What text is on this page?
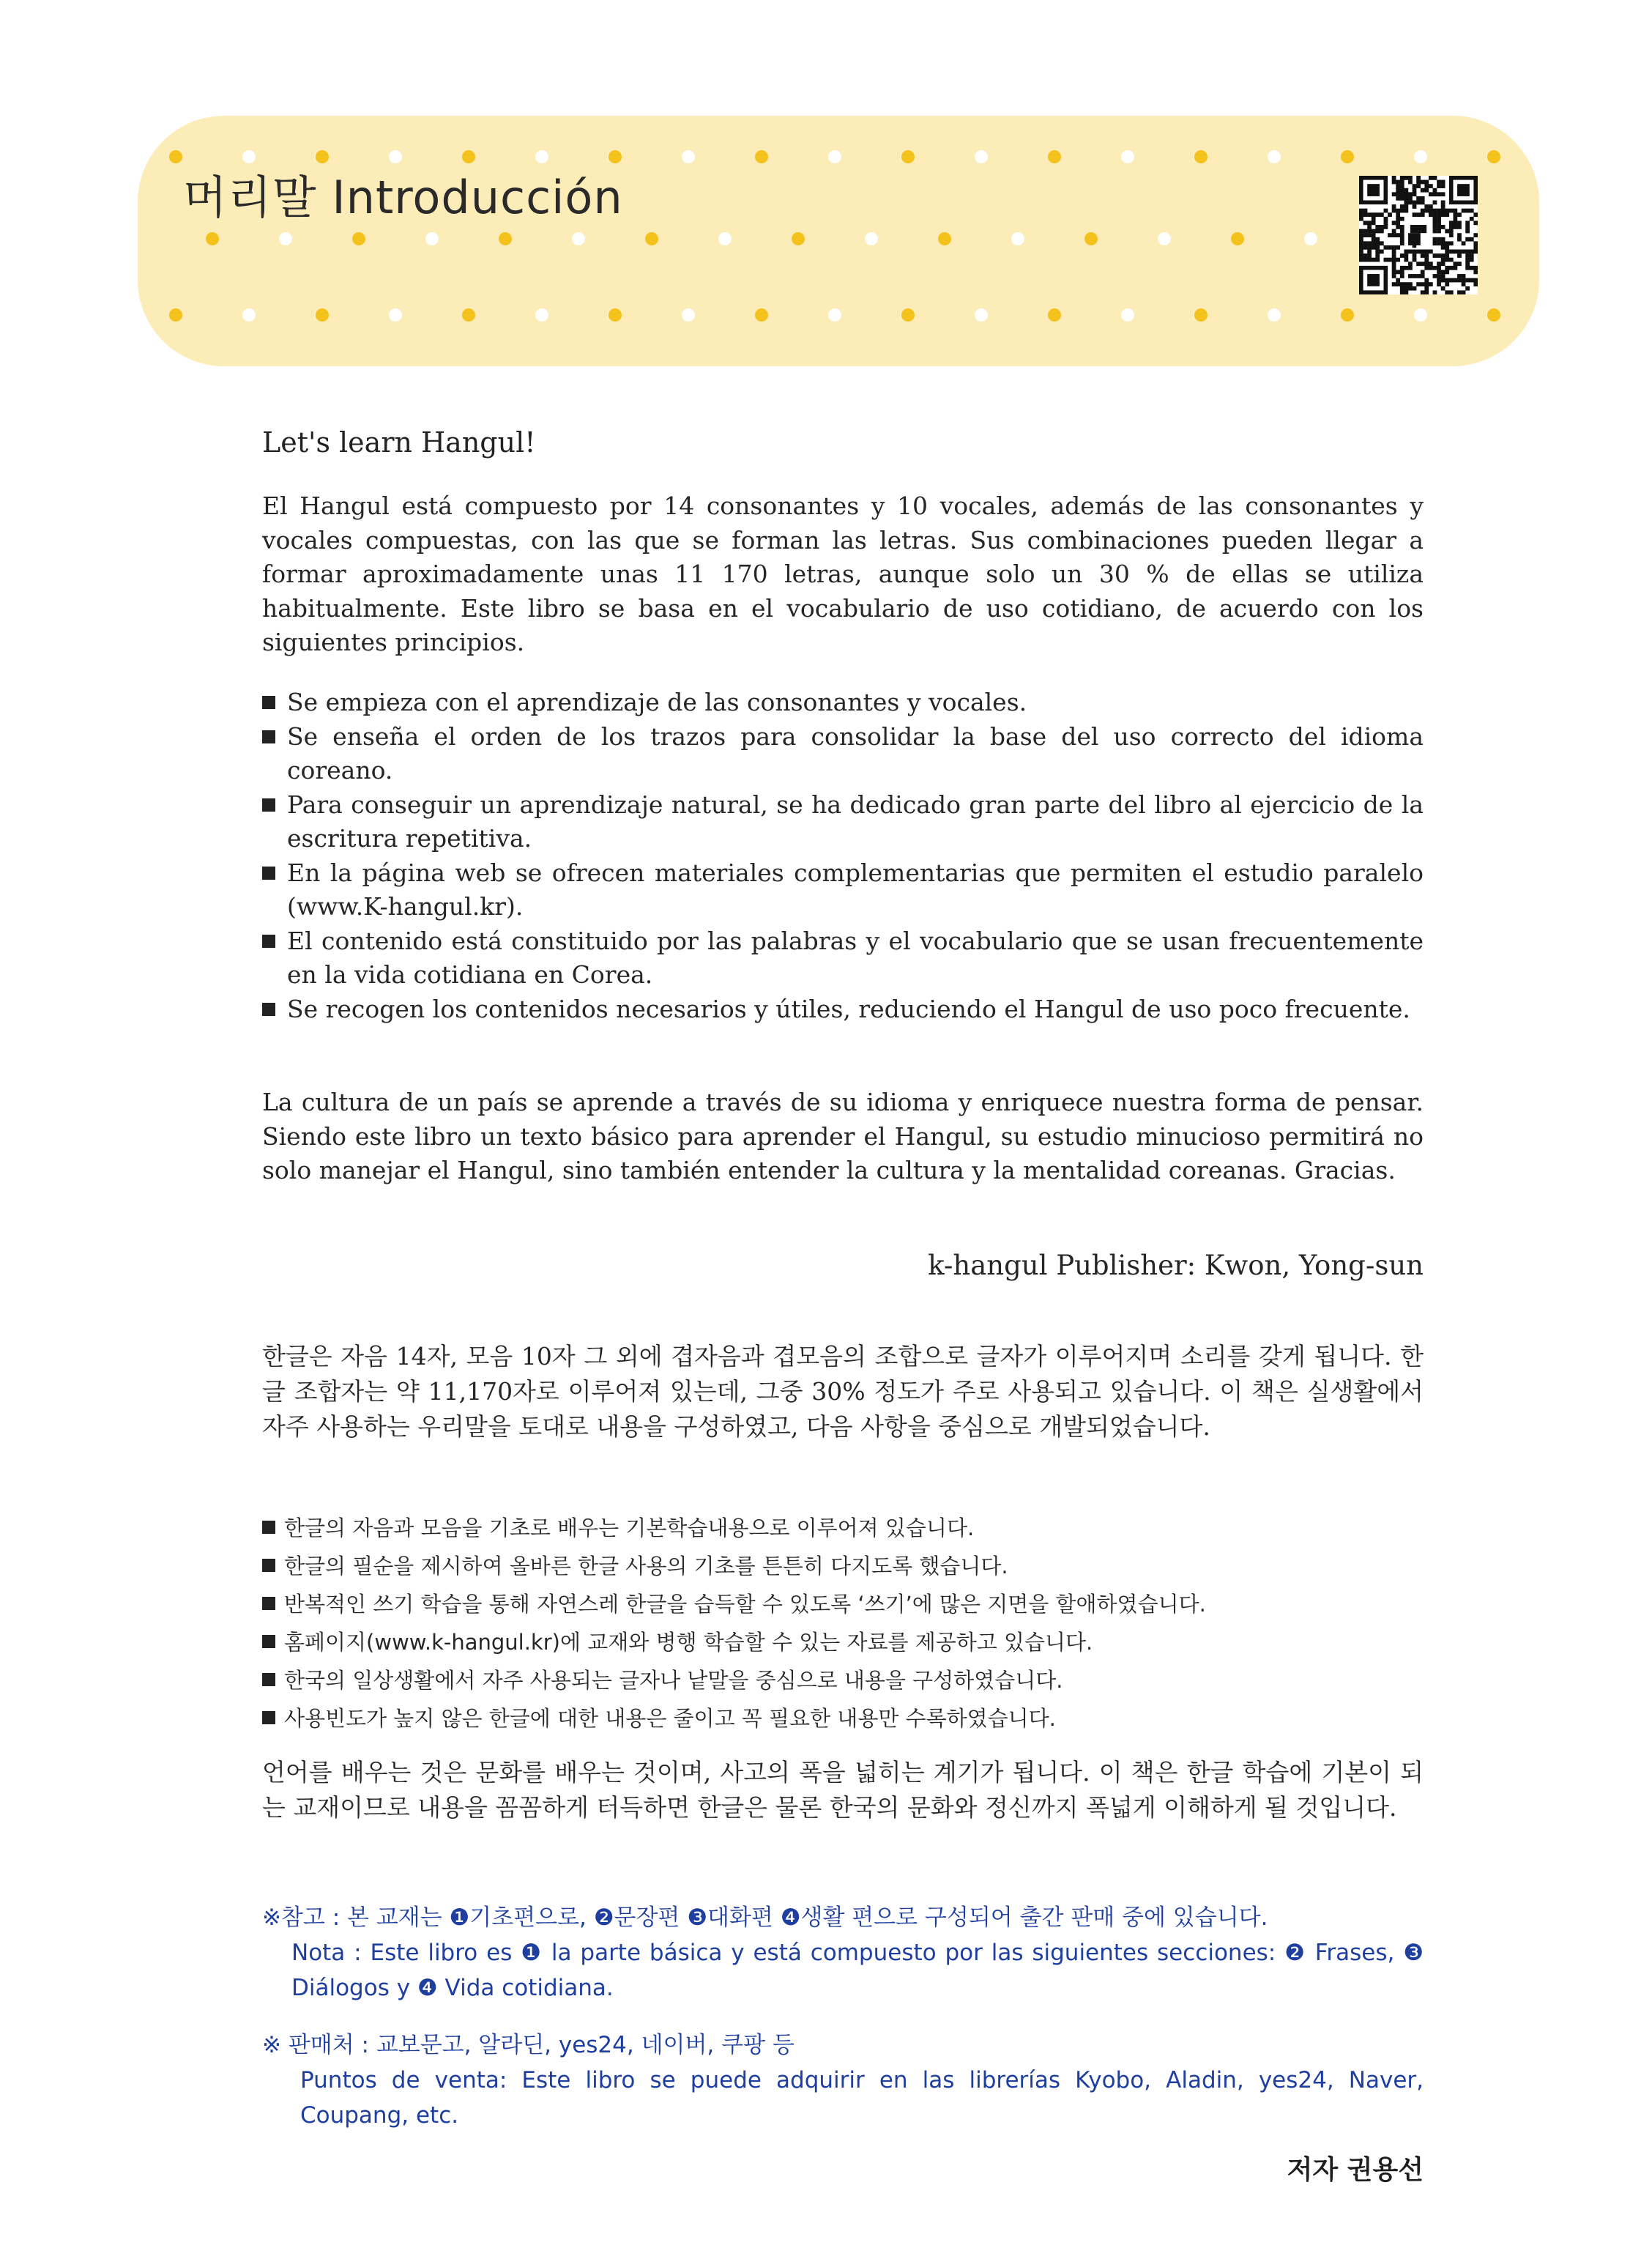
머리말 Introducción
Let's learn Hangul!

El Hangul está compuesto por 14 consonantes y 10 vocales, además de las consonantes y vocales compuestas, con las que se forman las letras. Sus combinaciones pueden llegar a formar aproximadamente unas 11 170 letras, aunque solo un 30 % de ellas se utiliza habitualmente. Este libro se basa en el vocabulario de uso cotidiano, de acuerdo con los siguientes principios.

Se empieza con el aprendizaje de las consonantes y vocales.
Se enseña el orden de los trazos para consolidar la base del uso correcto del idioma coreano.
Para conseguir un aprendizaje natural, se ha dedicado gran parte del libro al ejercicio de la escritura repetitiva.
En la página web se ofrecen materiales complementarias que permiten el estudio paralelo (www.K-hangul.kr).
El contenido está constituido por las palabras y el vocabulario que se usan frecuentemente en la vida cotidiana en Corea.
Se recogen los contenidos necesarios y útiles, reduciendo el Hangul de uso poco frecuente.

La cultura de un país se aprende a través de su idioma y enriquece nuestra forma de pensar. Siendo este libro un texto básico para aprender el Hangul, su estudio minucioso permitirá no solo manejar el Hangul, sino también entender la cultura y la mentalidad coreanas. Gracias.

k-hangul Publisher: Kwon, Yong-sun

한글은 자음 14자, 모음 10자 그 외에 겹자음과 겹모음의 조합으로 글자가 이루어지며 소리를 갖게 됩니다. 한글 조합자는 약 11,170자로 이루어져 있는데, 그중 30% 정도가 주로 사용되고 있습니다. 이 책은 실생활에서 자주 사용하는 우리말을 토대로 내용을 구성하였고, 다음 사항을 중심으로 개발되었습니다.

한글의 자음과 모음을 기초로 배우는 기본학습내용으로 이루어져 있습니다.
한글의 필순을 제시하여 올바른 한글 사용의 기초를 튼튼히 다지도록 했습니다.
반복적인 쓰기 학습을 통해 자연스레 한글을 습득할 수 있도록 ‘쓰기’에 많은 지면을 할애하였습니다.
홈페이지(www.k-hangul.kr)에 교재와 병행 학습할 수 있는 자료를 제공하고 있습니다.
한국의 일상생활에서 자주 사용되는 글자나 낱말을 중심으로 내용을 구성하였습니다.
사용빈도가 높지 않은 한글에 대한 내용은 줄이고 꼭 필요한 내용만 수록하였습니다.

언어를 배우는 것은 문화를 배우는 것이며, 사고의 폭을 넓히는 계기가 됩니다. 이 책은 한글 학습에 기본이 되는 교재이므로 내용을 꼼꼼하게 터득하면 한글은 물론 한국의 문화와 정신까지 폭넓게 이해하게 될 것입니다.

※참고 : 본 교재는 ❶기초편으로, ❷문장편 ❸대화편 ❹생활 편으로 구성되어 출간 판매 중에 있습니다.
Nota : Este libro es ❶ la parte básica y está compuesto por las siguientes secciones: ❷ Frases, ❸ Diálogos y ❹ Vida cotidiana.
※ 판매처 : 교보문고, 알라딘, yes24, 네이버, 쿠팡 등
Puntos de venta: Este libro se puede adquirir en las librerías Kyobo, Aladin, yes24, Naver, Coupang, etc.

저자 권용선
